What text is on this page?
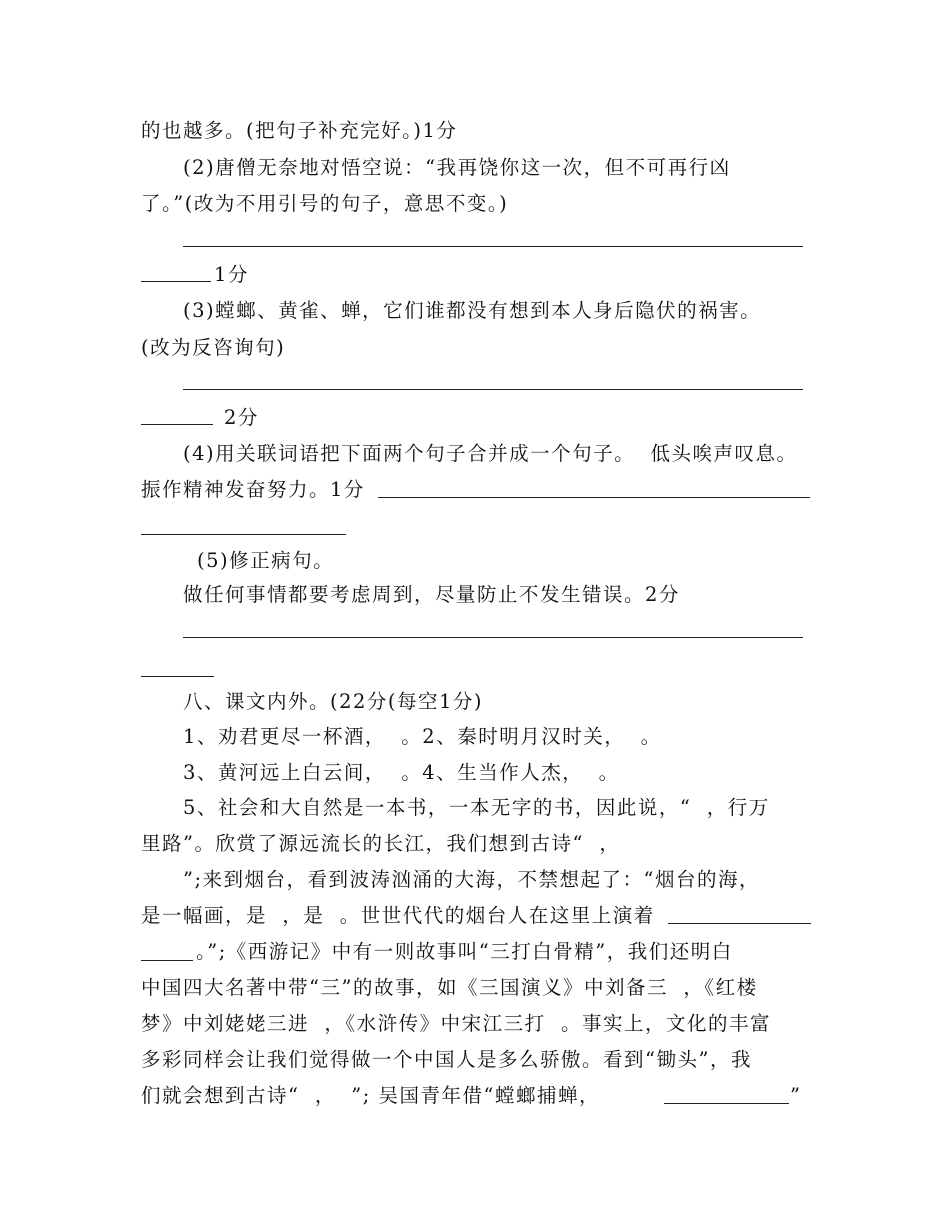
的也越多。(把句子补充完好。)1分
(2)唐僧无奈地对悟空说：“我再饶你这一次，但不可再行凶
了。”(改为不用引号的句子，意思不变。)
1分
(3)螳螂、黄雀、蝉，它们谁都没有想到本人身后隐伏的祸害。
(改为反咨询句)
2分
(4)用关联词语把下面两个句子合并成一个句子。  低头唉声叹息。
振作精神发奋努力。1分
(5)修正病句。
做任何事情都要考虑周到，尽量防止不发生错误。2分
八、课文内外。(22分(每空1分)
1、劝君更尽一杯酒，  。2、秦时明月汉时关，  。
3、黄河远上白云间，  。4、生当作人杰，  。
5、社会和大自然是一本书，一本无字的书，因此说，“  ，行万
里路”。欣赏了源远流长的长江，我们想到古诗“  ，
”;来到烟台，看到波涛汹涌的大海，不禁想起了：“烟台的海，
是一幅画，是  ，是  。世世代代的烟台人在这里上演着
。”;《西游记》中有一则故事叫“三打白骨精”，我们还明白
中国四大名著中带“三”的故事，如《三国演义》中刘备三  ，《红楼
梦》中刘姥姥三进  ，《水浒传》中宋江三打  。事实上，文化的丰富
多彩同样会让我们觉得做一个中国人是多么骄傲。看到“锄头”，我
们就会想到古诗“  ，  ”; 吴国青年借“螳螂捕蝉，	”
